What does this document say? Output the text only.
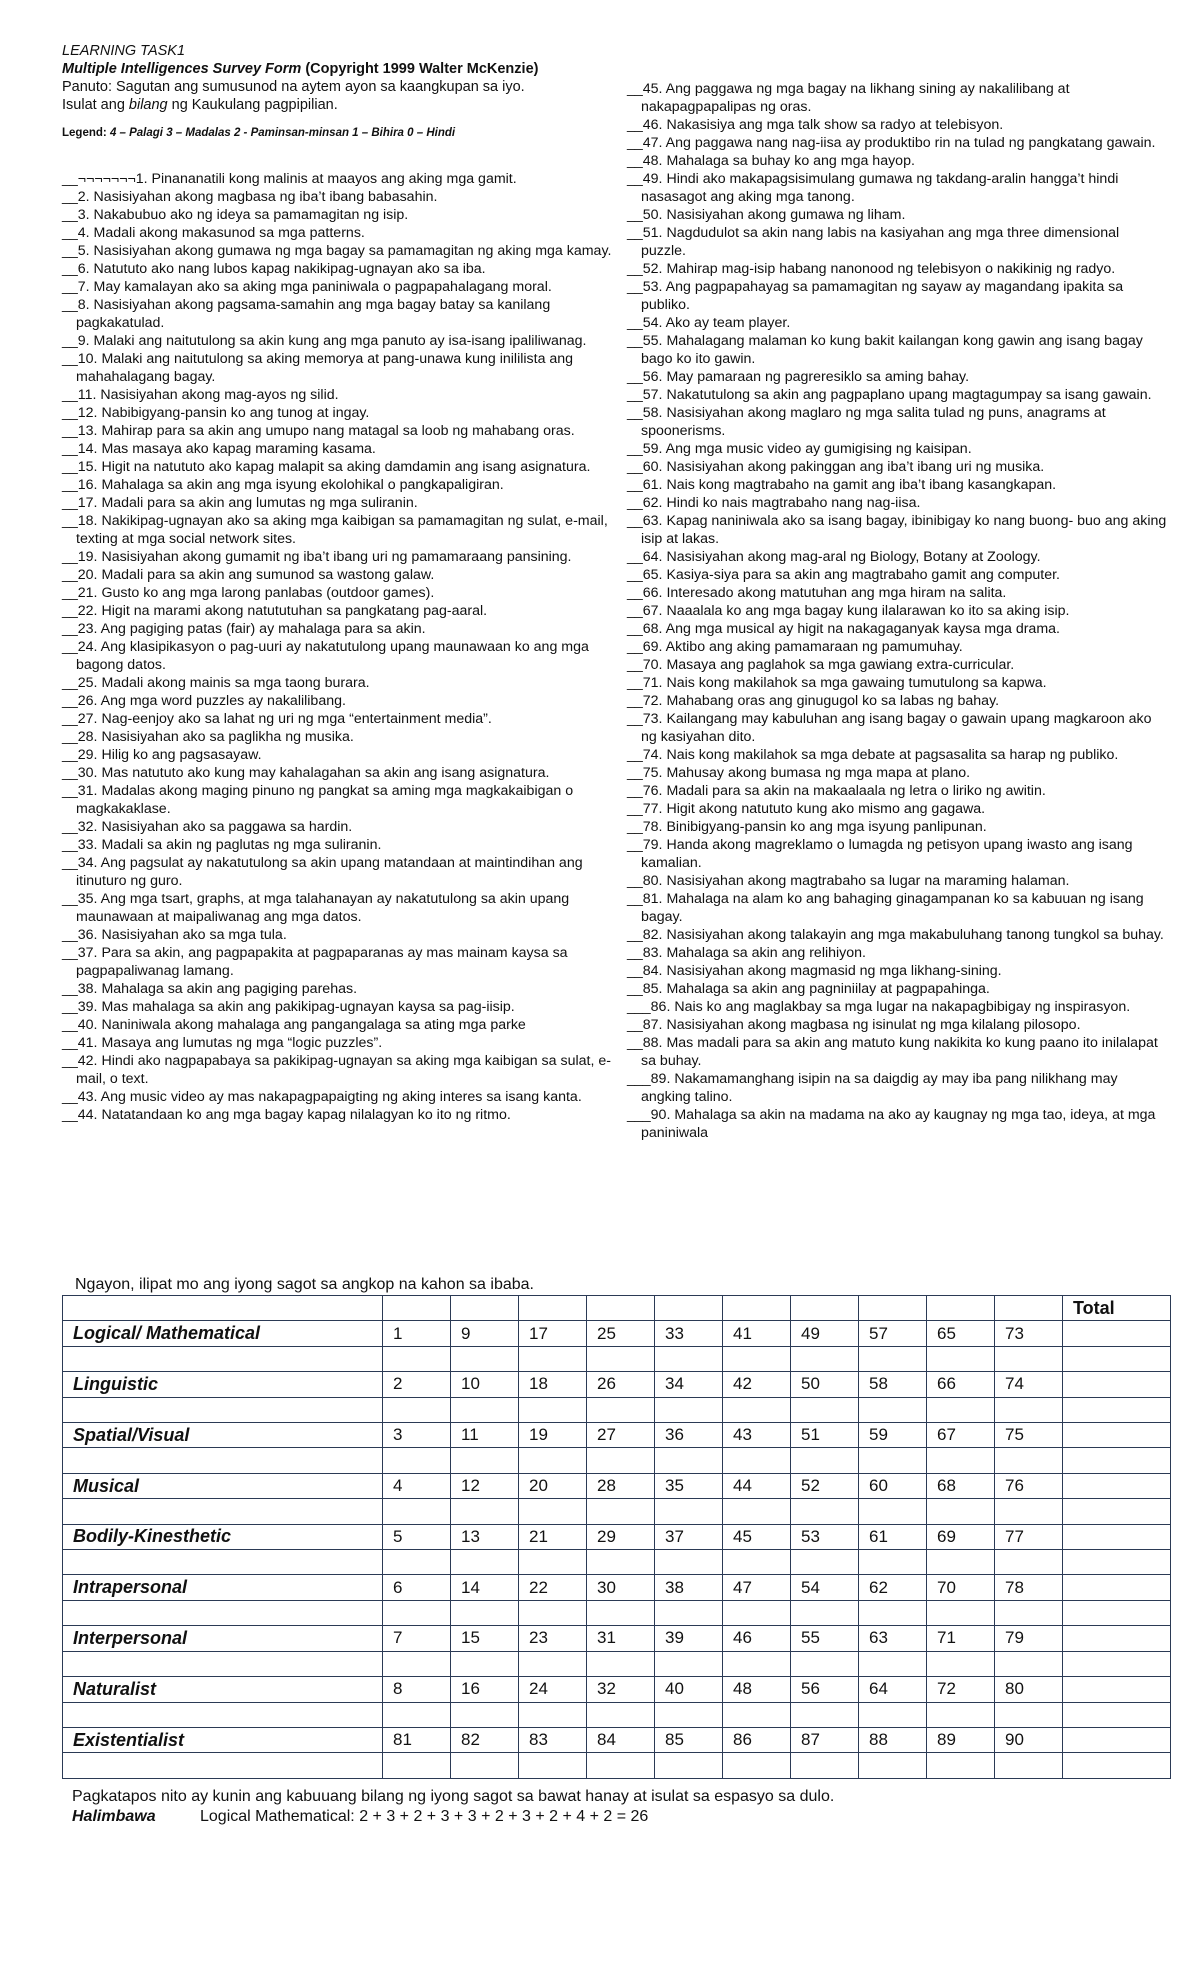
LEARNING TASK1
Multiple Intelligences Survey Form (Copyright 1999 Walter McKenzie)
Panuto: Sagutan ang sumusunod na aytem ayon sa kaangkupan sa iyo.
Isulat ang bilang ng Kaukulang pagpipilian.
Legend: 4 – Palagi 3 – Madalas 2 - Paminsan-minsan 1 – Bihira 0 – Hindi
__¬¬¬¬¬¬¬1. Pinananatili kong malinis at maayos ang aking mga gamit.
__2. Nasisiyahan akong magbasa ng iba’t ibang babasahin.
__3. Nakabubuo ako ng ideya sa pamamagitan ng isip.
__4. Madali akong makasunod sa mga patterns.
__5. Nasisiyahan akong gumawa ng mga bagay sa pamamagitan ng aking mga kamay.
__6. Natututo ako nang lubos kapag nakikipag-ugnayan ako sa iba.
__7. May kamalayan ako sa aking mga paniniwala o pagpapahalagang moral.
__8. Nasisiyahan akong pagsama-samahin ang mga bagay batay sa kanilang pagkakatulad.
__9. Malaki ang naitutulong sa akin kung ang mga panuto ay isa-isang ipaliliwanag.
__10. Malaki ang naitutulong sa aking memorya at pang-unawa kung inililista ang mahahalagang bagay.
__11. Nasisiyahan akong mag-ayos ng silid.
__12. Nabibigyang-pansin ko ang tunog at ingay.
__13. Mahirap para sa akin ang umupo nang matagal sa loob ng mahabang oras.
__14. Mas masaya ako kapag maraming kasama.
__15. Higit na natututo ako kapag malapit sa aking damdamin ang isang asignatura.
__16. Mahalaga sa akin ang mga isyung ekolohikal o pangkapaligiran.
__17. Madali para sa akin ang lumutas ng mga suliranin.
__18. Nakikipag-ugnayan ako sa aking mga kaibigan sa pamamagitan ng sulat, e-mail, texting at mga social network sites.
__19. Nasisiyahan akong gumamit ng iba’t ibang uri ng pamamaraang pansining.
__20. Madali para sa akin ang sumunod sa wastong galaw.
__21. Gusto ko ang mga larong panlabas (outdoor games).
__22. Higit na marami akong natututuhan sa pangkatang pag-aaral.
__23. Ang pagiging patas (fair) ay mahalaga para sa akin.
__24. Ang klasipikasyon o pag-uuri ay nakatutulong upang maunawaan ko ang mga bagong datos.
__25. Madali akong mainis sa mga taong burara.
__26. Ang mga word puzzles ay nakalilibang.
__27. Nag-eenjoy ako sa lahat ng uri ng mga “entertainment media”.
__28. Nasisiyahan ako sa paglikha ng musika.
__29. Hilig ko ang pagsasayaw.
__30. Mas natututo ako kung may kahalagahan sa akin ang isang asignatura.
__31. Madalas akong maging pinuno ng pangkat sa aming mga magkakaibigan o magkakaklase.
__32. Nasisiyahan ako sa paggawa sa hardin.
__33. Madali sa akin ng paglutas ng mga suliranin.
__34. Ang pagsulat ay nakatutulong sa akin upang matandaan at maintindihan ang itinuturo ng guro.
__35. Ang mga tsart, graphs, at mga talahanayan ay nakatutulong sa akin upang maunawaan at maipaliwanag ang mga datos.
__36. Nasisiyahan ako sa mga tula.
__37. Para sa akin, ang pagpapakita at pagpaparanas ay mas mainam kaysa sa pagpapaliwanag lamang.
__38. Mahalaga sa akin ang pagiging parehas.
__39. Mas mahalaga sa akin ang pakikipag-ugnayan kaysa sa pag-iisip.
__40. Naniniwala akong mahalaga ang pangangalaga sa ating mga parke
__41. Masaya ang lumutas ng mga “logic puzzles”.
__42. Hindi ako nagpapabaya sa pakikipag-ugnayan sa aking mga kaibigan sa sulat, e-mail, o text.
__43. Ang music video ay mas nakapagpapaigting ng aking interes sa isang kanta.
__44. Natatandaan ko ang mga bagay kapag nilalagyan ko ito ng ritmo.
__45. Ang paggawa ng mga bagay na likhang sining ay nakalilibang at nakapagpapalipas ng oras.
__46. Nakasisiya ang mga talk show sa radyo at telebisyon.
__47. Ang paggawa nang nag-iisa ay produktibo rin na tulad ng pangkatang gawain.
__48. Mahalaga sa buhay ko ang mga hayop.
__49. Hindi ako makapagsisimulang gumawa ng takdang-aralin hangga’t hindi nasasagot ang aking mga tanong.
__50. Nasisiyahan akong gumawa ng liham.
__51. Nagdudulot sa akin nang labis na kasiyahan ang mga three dimensional puzzle.
__52. Mahirap mag-isip habang nanonood ng telebisyon o nakikinig ng radyo.
__53. Ang pagpapahayag sa pamamagitan ng sayaw ay magandang ipakita sa publiko.
__54. Ako ay team player.
__55. Mahalagang malaman ko kung bakit kailangan kong gawin ang isang bagay bago ko ito gawin.
__56. May pamaraan ng pagreresiklo sa aming bahay.
__57. Nakatutulong sa akin ang pagpaplano upang magtagumpay sa isang gawain.
__58. Nasisiyahan akong maglaro ng mga salita tulad ng puns, anagrams at spoonerisms.
__59. Ang mga music video ay gumigising ng kaisipan.
__60. Nasisiyahan akong pakinggan ang iba’t ibang uri ng musika.
__61. Nais kong magtrabaho na gamit ang iba’t ibang kasangkapan.
__62. Hindi ko nais magtrabaho nang nag-iisa.
__63. Kapag naniniwala ako sa isang bagay, ibinibigay ko nang buong- buo ang aking isip at lakas.
__64. Nasisiyahan akong mag-aral ng Biology, Botany at Zoology.
__65. Kasiya-siya para sa akin ang magtrabaho gamit ang computer.
__66. Interesado akong matutuhan ang mga hiram na salita.
__67. Naaalala ko ang mga bagay kung ilalarawan ko ito sa aking isip.
__68. Ang mga musical ay higit na nakagaganyak kaysa mga drama.
__69. Aktibo ang aking pamamaraan ng pamumuhay.
__70. Masaya ang paglahok sa mga gawiang extra-curricular.
__71. Nais kong makilahok sa mga gawaing tumutulong sa kapwa.
__72. Mahabang oras ang ginugugol ko sa labas ng bahay.
__73. Kailangang may kabuluhan ang isang bagay o gawain upang magkaroon ako ng kasiyahan dito.
__74. Nais kong makilahok sa mga debate at pagsasalita sa harap ng publiko.
__75. Mahusay akong bumasa ng mga mapa at plano.
__76. Madali para sa akin na makaalaala ng letra o liriko ng awitin.
__77. Higit akong natututo kung ako mismo ang gagawa.
__78. Binibigyang-pansin ko ang mga isyung panlipunan.
__79. Handa akong magreklamo o lumagda ng petisyon upang iwasto ang isang kamalian.
__80. Nasisiyahan akong magtrabaho sa lugar na maraming halaman.
__81. Mahalaga na alam ko ang bahaging ginagampanan ko sa kabuuan ng isang bagay.
__82. Nasisiyahan akong talakayin ang mga makabuluhang tanong tungkol sa buhay.
__83. Mahalaga sa akin ang relihiyon.
__84. Nasisiyahan akong magmasid ng mga likhang-sining.
__85. Mahalaga sa akin ang pagniniilay at pagpapahinga.
___86. Nais ko ang maglakbay sa mga lugar na nakapagbibigay ng inspirasyon.
__87. Nasisiyahan akong magbasa ng isinulat ng mga kilalang pilosopo.
__88. Mas madali para sa akin ang matuto kung nakikita ko kung paano ito inilalapat sa buhay.
___89. Nakamamanghang isipin na sa daigdig ay may iba pang nilikhang may angking talino.
___90. Mahalaga sa akin na madama na ako ay kaugnay ng mga tao, ideya, at mga paniniwala
Ngayon, ilipat mo ang iyong sagot sa angkop na kahon sa ibaba.
											Total
Logical/ Mathematical	1	9	17	25	33	41	49	57	65	73	

Linguistic	2	10	18	26	34	42	50	58	66	74	

Spatial/Visual	3	11	19	27	36	43	51	59	67	75	

Musical	4	12	20	28	35	44	52	60	68	76	

Bodily-Kinesthetic	5	13	21	29	37	45	53	61	69	77	

Intrapersonal	6	14	22	30	38	47	54	62	70	78	

Interpersonal	7	15	23	31	39	46	55	63	71	79	

Naturalist	8	16	24	32	40	48	56	64	72	80	

Existentialist	81	82	83	84	85	86	87	88	89	90	

Pagkatapos nito ay kunin ang kabuuang bilang ng iyong sagot sa bawat hanay at isulat sa espasyo sa dulo.
Halimbawa	Logical Mathematical: 2 + 3 + 2 + 3 + 3 + 2 + 3 + 2 + 4 + 2 = 26
